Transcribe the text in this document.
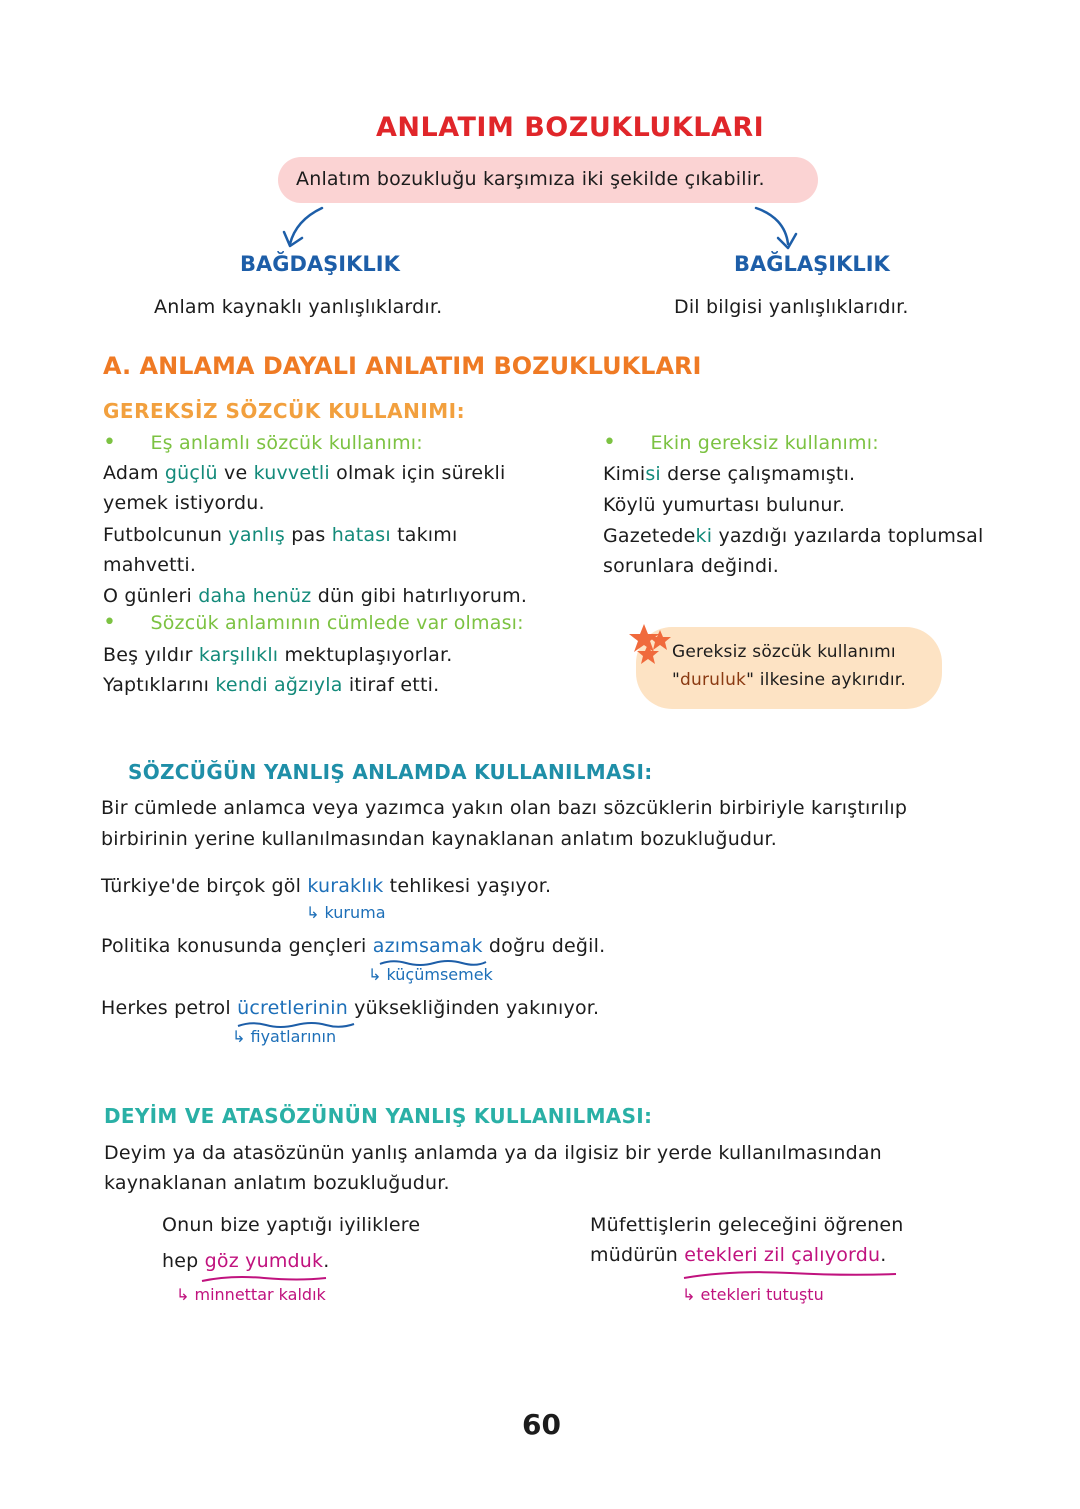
ANLATIM BOZUKLUKLARI
Anlatım bozukluğu karşımıza iki şekilde çıkabilir.
BAĞDAŞIKLIK	BAĞLAŞIKLIK
Anlam kaynaklı yanlışlıklardır.	Dil bilgisi yanlışlıklarıdır.
A. ANLAMA DAYALI ANLATIM BOZUKLUKLARI
GEREKSİZ SÖZCÜK KULLANIMI:
• Eş anlamlı sözcük kullanımı:
Adam güçlü ve kuvvetli olmak için sürekli
yemek istiyordu.
Futbolcunun yanlış pas hatası takımı
mahvetti.
O günleri daha henüz dün gibi hatırlıyorum.
• Sözcük anlamının cümlede var olması:
Beş yıldır karşılıklı mektuplaşıyorlar.
Yaptıklarını kendi ağzıyla itiraf etti.
• Ekin gereksiz kullanımı:
Kimisi derse çalışmamıştı.
Köylü yumurtası bulunur.
Gazetedeki yazdığı yazılarda toplumsal
sorunlara değindi.
Gereksiz sözcük kullanımı
"duruluk" ilkesine aykırıdır.
SÖZCÜĞÜN YANLIŞ ANLAMDA KULLANILMASI:
Bir cümlede anlamca veya yazımca yakın olan bazı sözcüklerin birbiriyle karıştırılıp
birbirinin yerine kullanılmasından kaynaklanan anlatım bozukluğudur.
Türkiye'de birçok göl kuraklık tehlikesi yaşıyor.
↳ kuruma
Politika konusunda gençleri azımsamak doğru değil.
↳ küçümsemek
Herkes petrol ücretlerinin yüksekliğinden yakınıyor.
↳ fiyatlarının
DEYİM VE ATASÖZÜNÜN YANLIŞ KULLANILMASI:
Deyim ya da atasözünün yanlış anlamda ya da ilgisiz bir yerde kullanılmasından
kaynaklanan anlatım bozukluğudur.
Onun bize yaptığı iyiliklere
hep göz yumduk.
↳ minnettar kaldık
Müfettişlerin geleceğini öğrenen
müdürün etekleri zil çalıyordu.
↳ etekleri tutuştu
60
